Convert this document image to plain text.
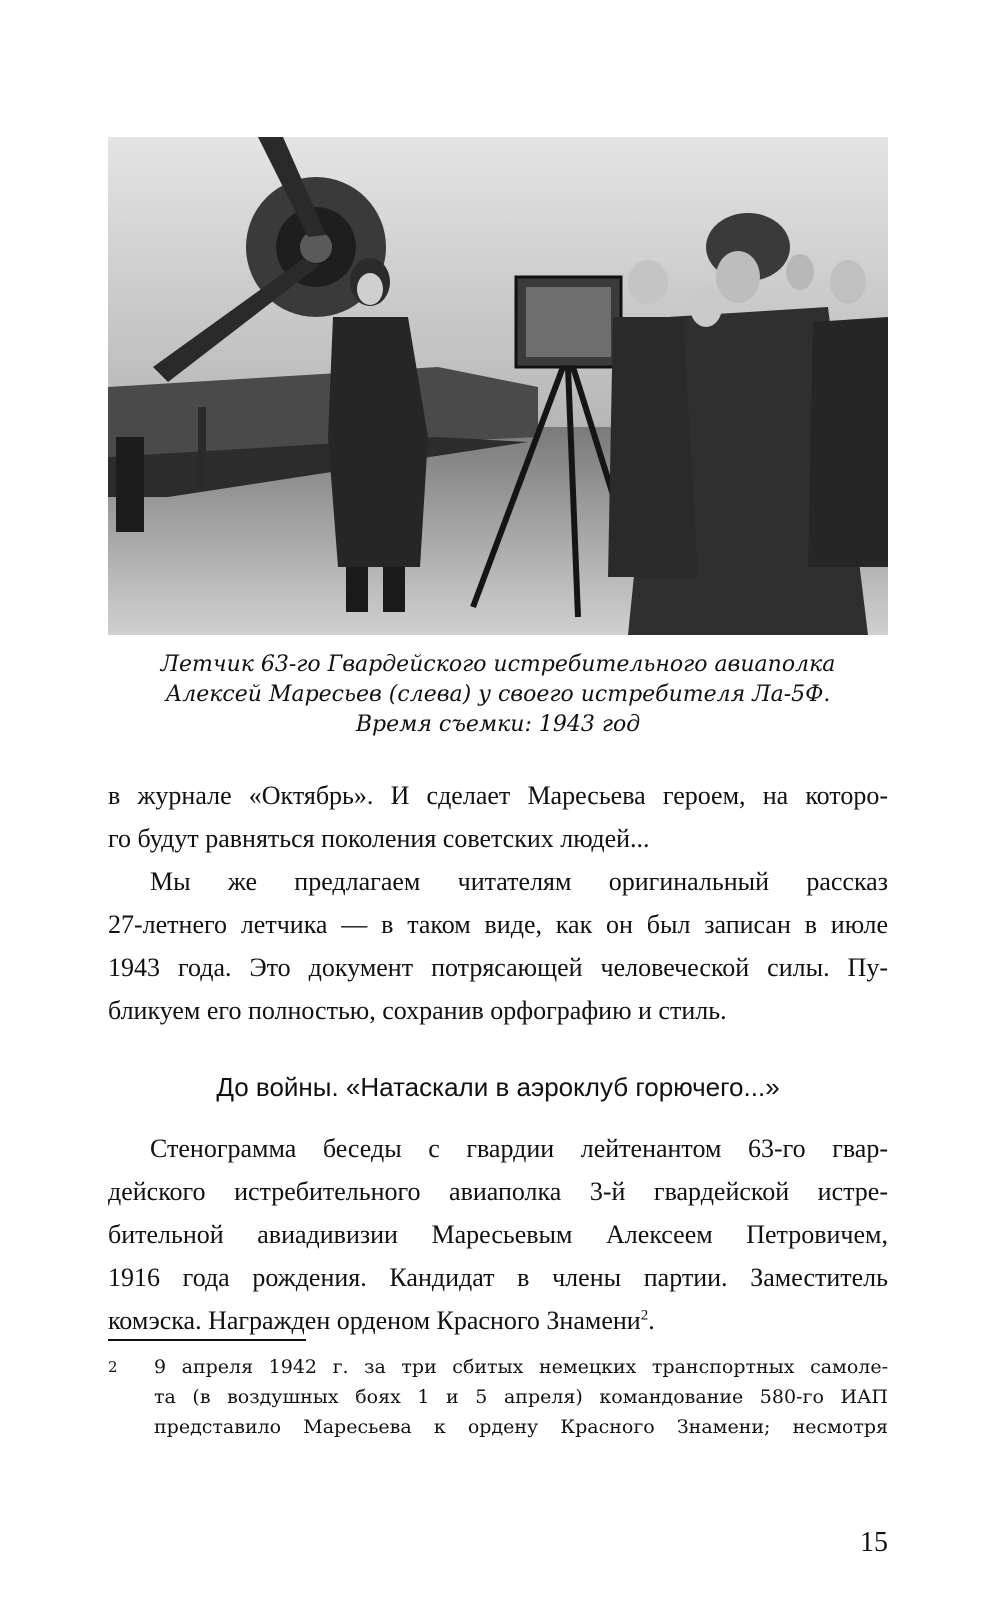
Летчик 63-го Гвардейского истребительного авиаполка
Алексей Маресьев (слева) у своего истребителя Ла-5Ф.
Время съемки: 1943 год
в журнале «Октябрь». И сделает Маресьева героем, на которо-
го будут равняться поколения советских людей...
Мы же предлагаем читателям оригинальный рассказ
27-летнего летчика — в таком виде, как он был записан в июле
1943 года. Это документ потрясающей человеческой силы. Пу-
бликуем его полностью, сохранив орфографию и стиль.
До войны. «Натаскали в аэроклуб горючего...»
Стенограмма беседы с гвардии лейтенантом 63-го гвар-
дейского истребительного авиаполка 3-й гвардейской истре-
бительной авиадивизии Маресьевым Алексеем Петровичем,
1916 года рождения. Кандидат в члены партии. Заместитель
комэска. Награжден орденом Красного Знамени$^2$.
2 9 апреля 1942 г. за три сбитых немецких транспортных самоле-
та (в воздушных боях 1 и 5 апреля) командование 580-го ИАП
представило Маресьева к ордену Красного Знамени; несмотря
15
